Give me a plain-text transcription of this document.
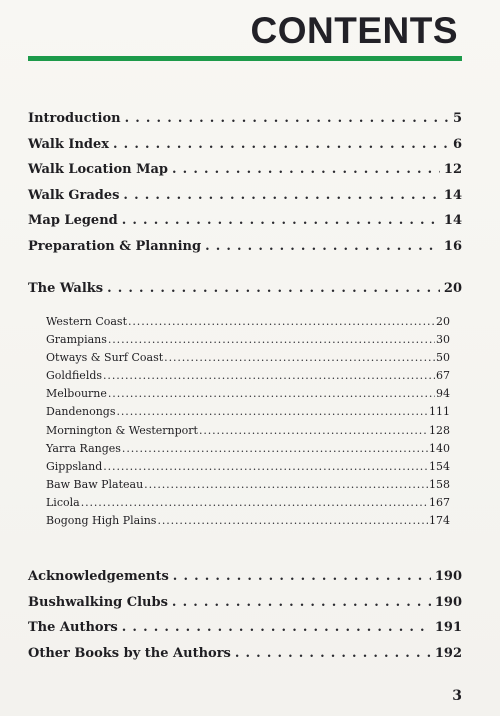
CONTENTS
Introduction . . .	5
Walk Index . . .	6
Walk Location Map . . .	12
Walk Grades . . .	14
Map Legend . . .	14
Preparation & Planning . . .	16
The Walks . . .	20
Western Coast .....	20
Grampians .....	30
Otways & Surf Coast .....	50
Goldfields .....	67
Melbourne .....	94
Dandenongs .....	111
Mornington & Westernport .....	128
Yarra Ranges .....	140
Gippsland .....	154
Baw Baw Plateau .....	158
Licola .....	167
Bogong High Plains .....	174
Acknowledgements . . .	190
Bushwalking Clubs . . .	190
The Authors . . .	191
Other Books by the Authors . . .	192
3
